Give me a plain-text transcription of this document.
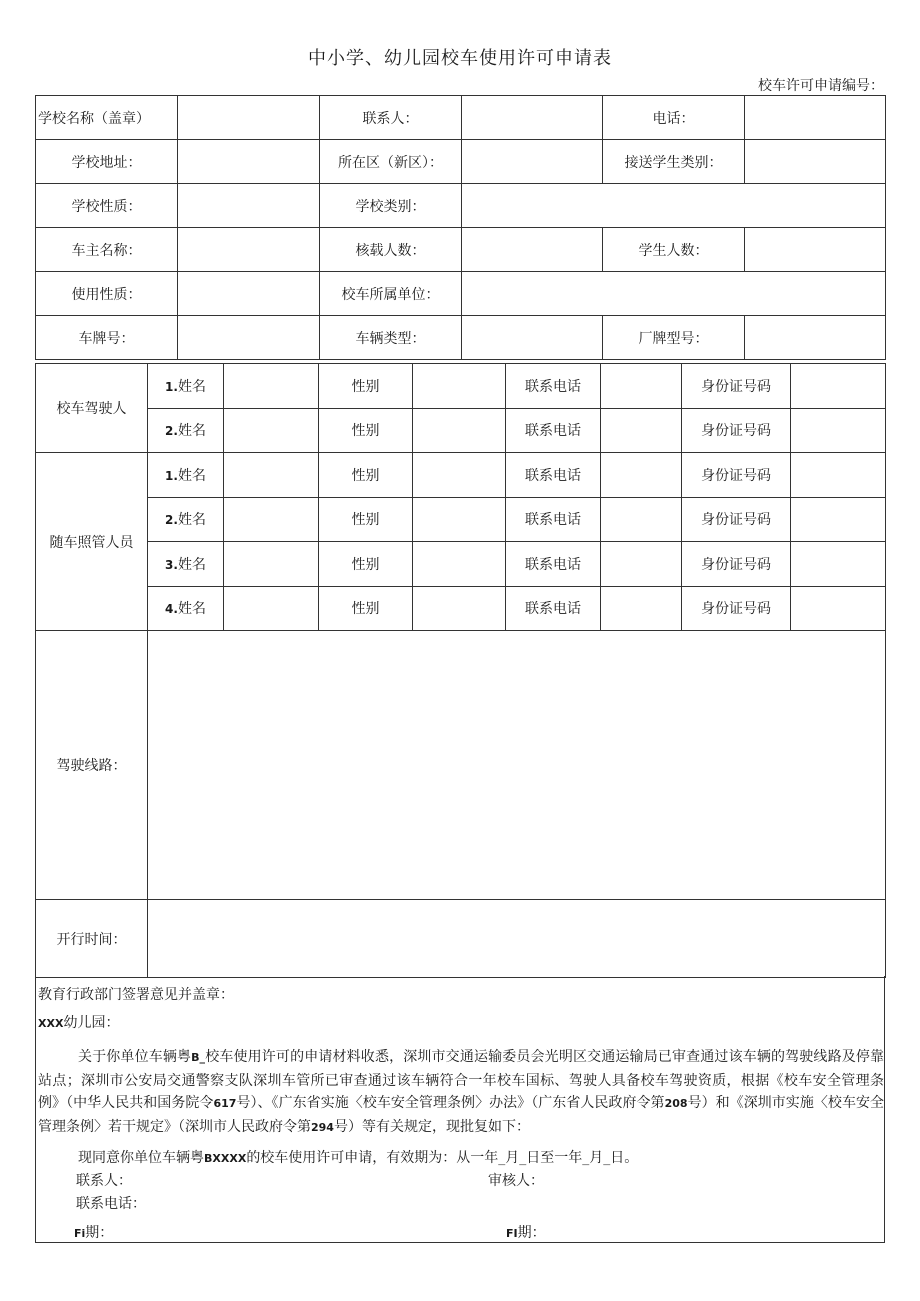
中小学、幼儿园校车使用许可申请表
校车许可申请编号：
学校名称（盖章）		联系人：		电话：	
学校地址：		所在区（新区）：		接送学生类别：	
学校性质：		学校类别：			
车主名称：		核载人数：		学生人数：	
使用性质：		校车所属单位：			
车牌号：		车辆类型：		厂牌型号：	
校车驾驶人	1.姓名		性别		联系电话		身份证号码	
	2.姓名		性别		联系电话		身份证号码	
随车照管人员	1.姓名		性别		联系电话		身份证号码	
	2.姓名		性别		联系电话		身份证号码	
	3.姓名		性别		联系电话		身份证号码	
	4.姓名		性别		联系电话		身份证号码	
驾驶线路：	
开行时间：	
教育行政部门签署意见并盖章：
XXX幼儿园：
关于你单位车辆粤B_校车使用许可的申请材料收悉，深圳市交通运输委员会光明区交通运输局已审查通过该车辆的驾驶线路及停靠站点；深圳市公安局交通警察支队深圳车管所已审查通过该车辆符合一年校车国标、驾驶人具备校车驾驶资质，根据《校车安全管理条例》（中华人民共和国务院令617号）、《广东省实施〈校车安全管理条例〉办法》（广东省人民政府令第208号）和《深圳市实施〈校车安全管理条例〉若干规定》（深圳市人民政府令第294号）等有关规定，现批复如下：
现同意你单位车辆粤BXXXX的校车使用许可申请，有效期为：从一年_月_日至一年_月_日。
联系人：	审核人：
联系电话：
Fi期：	FI期：
